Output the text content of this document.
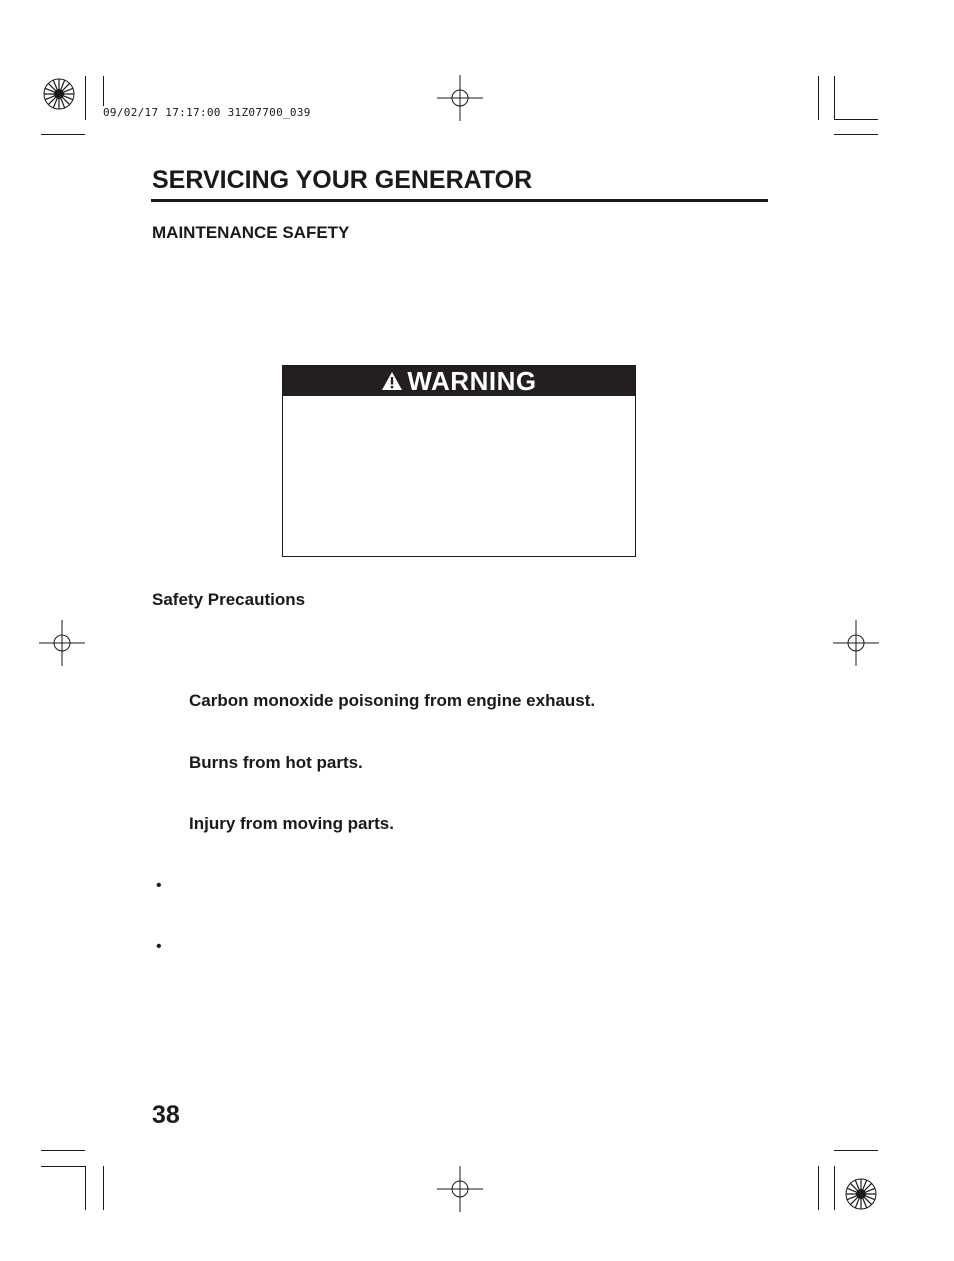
09/02/17 17:17:00 31Z07700_039
SERVICING YOUR GENERATOR
MAINTENANCE SAFETY
WARNING
Safety Precautions
Carbon monoxide poisoning from engine exhaust.
Burns from hot parts.
Injury from moving parts.
•
•
38
